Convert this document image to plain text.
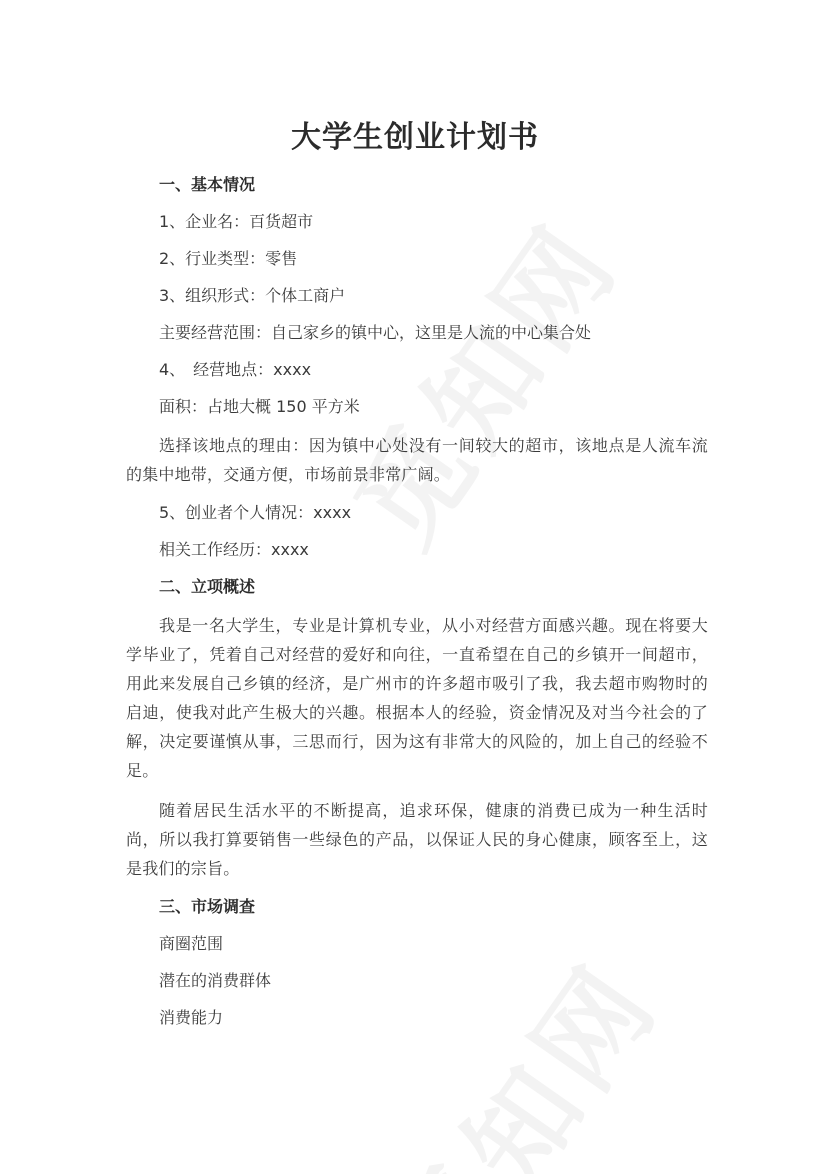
大学生创业计划书

一、基本情况

1、企业名：百货超市

2、行业类型：零售

3、组织形式：个体工商户

主要经营范围：自己家乡的镇中心，这里是人流的中心集合处

4、　经营地点：xxxx

面积：占地大概 150 平方米

选择该地点的理由：因为镇中心处没有一间较大的超市，该地点是人流车流的集中地带，交通方便，市场前景非常广阔。

5、创业者个人情况：xxxx

相关工作经历：xxxx

二、立项概述

我是一名大学生，专业是计算机专业，从小对经营方面感兴趣。现在将要大学毕业了，凭着自己对经营的爱好和向往，一直希望在自己的乡镇开一间超市，用此来发展自己乡镇的经济，是广州市的许多超市吸引了我，我去超市购物时的启迪，使我对此产生极大的兴趣。根据本人的经验，资金情况及对当今社会的了解，决定要谨慎从事，三思而行，因为这有非常大的风险的，加上自己的经验不足。

随着居民生活水平的不断提高，追求环保，健康的消费已成为一种生活时尚，所以我打算要销售一些绿色的产品，以保证人民的身心健康，顾客至上，这是我们的宗旨。

三、市场调查

商圈范围

潜在的消费群体

消费能力
